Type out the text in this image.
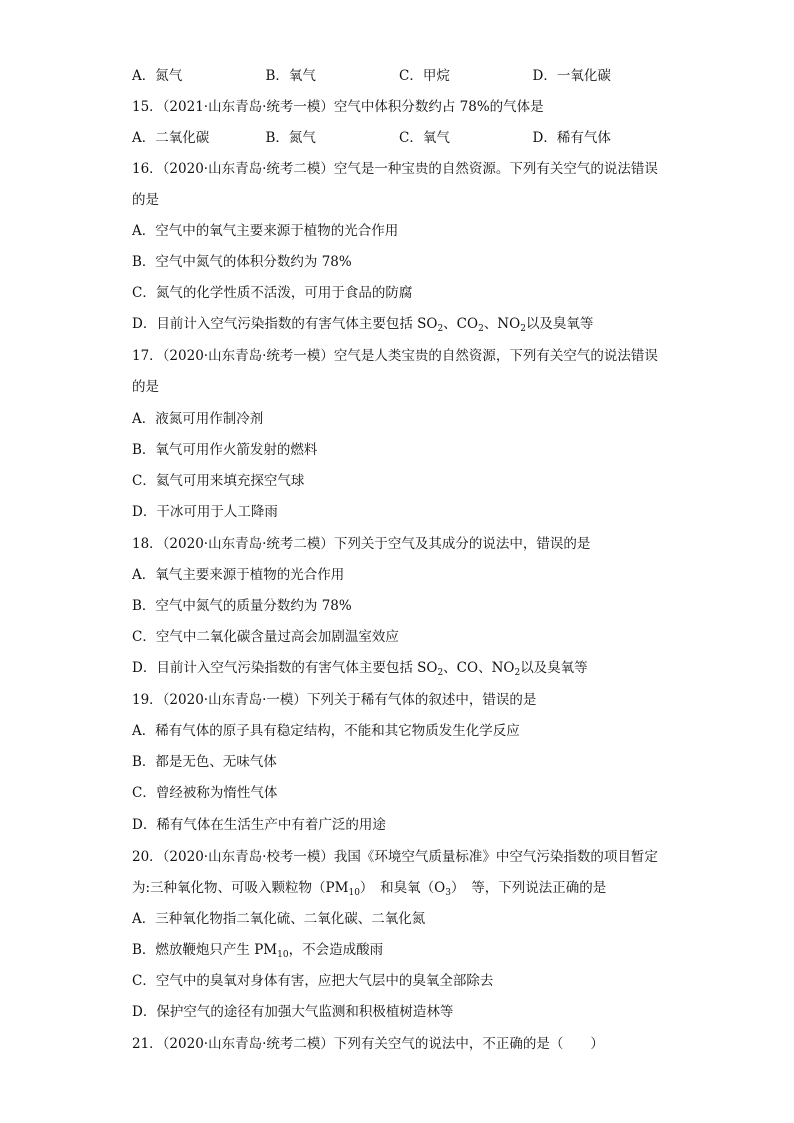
A．氮气	B．氧气	C．甲烷	D．一氧化碳
15．（2021·山东青岛·统考一模）空气中体积分数约占 78%的气体是
A．二氧化碳	B．氮气	C．氧气	D．稀有气体
16．（2020·山东青岛·统考二模）空气是一种宝贵的自然资源。下列有关空气的说法错误
的是
A．空气中的氧气主要来源于植物的光合作用
B．空气中氮气的体积分数约为 78%
C．氮气的化学性质不活泼，可用于食品的防腐
D．目前计入空气污染指数的有害气体主要包括 $SO_2$、$CO_2$、$NO_2$以及臭氧等
17．（2020·山东青岛·统考一模）空气是人类宝贵的自然资源，下列有关空气的说法错误
的是
A．液氮可用作制冷剂
B．氧气可用作火箭发射的燃料
C．氦气可用来填充探空气球
D．干冰可用于人工降雨
18．（2020·山东青岛·统考二模）下列关于空气及其成分的说法中，错误的是
A．氧气主要来源于植物的光合作用
B．空气中氮气的质量分数约为 78%
C．空气中二氧化碳含量过高会加剧温室效应
D．目前计入空气污染指数的有害气体主要包括 $SO_2$、CO、$NO_2$以及臭氧等
19．（2020·山东青岛·一模）下列关于稀有气体的叙述中，错误的是
A．稀有气体的原子具有稳定结构，不能和其它物质发生化学反应
B．都是无色、无味气体
C．曾经被称为惰性气体
D．稀有气体在生活生产中有着广泛的用途
20．（2020·山东青岛·校考一模）我国《环境空气质量标准》中空气污染指数的项目暂定
为:三种氧化物、可吸入颗粒物$(PM_{10})$　和臭氧$(O_3)$　等，下列说法正确的是
A．三种氧化物指二氧化硫、二氧化碳、二氧化氮
B．燃放鞭炮只产生 $PM_{10}$，不会造成酸雨
C．空气中的臭氧对身体有害，应把大气层中的臭氧全部除去
D．保护空气的途径有加强大气监测和积极植树造林等
21．（2020·山东青岛·统考二模）下列有关空气的说法中，不正确的是（　　）
